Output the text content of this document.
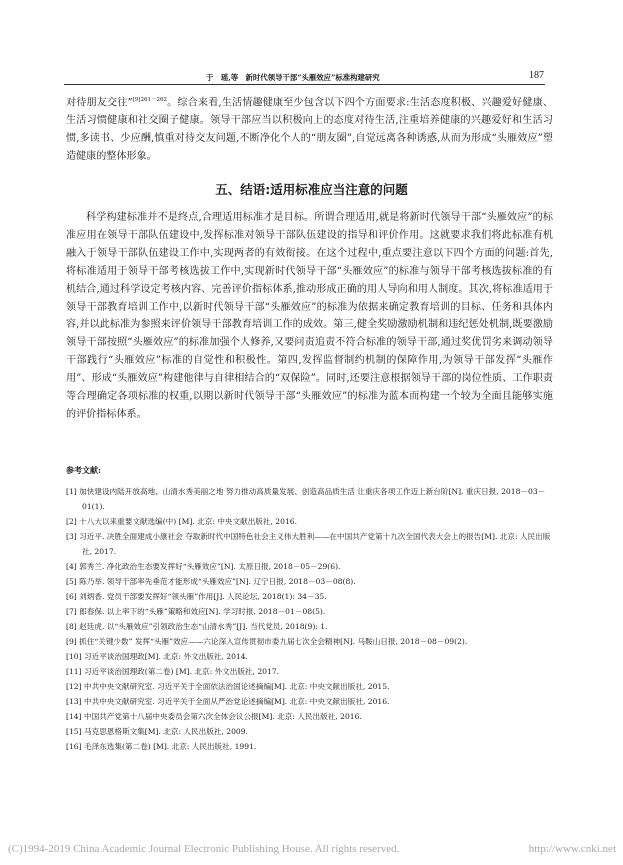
于　瑶,等　新时代领导干部“头雁效应”标准构建研究	187

对待朋友交往”$^{[9]261-262}$。综合来看,生活情趣健康至少包含以下四个方面要求:生活态度积极、兴趣爱好健康、生活习惯健康和社交圈子健康。领导干部应当以积极向上的态度对待生活,注重培养健康的兴趣爱好和生活习惯,多读书、少应酬,慎重对待交友问题,不断净化个人的“朋友圈”,自觉远离各种诱惑,从而为形成“头雁效应”塑造健康的整体形象。

五、结语:适用标准应当注意的问题

科学构建标准并不是终点,合理适用标准才是目标。所谓合理适用,就是将新时代领导干部“头雁效应”的标准应用在领导干部队伍建设中,发挥标准对领导干部队伍建设的指导和评价作用。这就要求我们将此标准有机融入于领导干部队伍建设工作中,实现两者的有效衔接。在这个过程中,重点要注意以下四个方面的问题:首先,将标准适用于领导干部考核选拔工作中,实现新时代领导干部“头雁效应”的标准与领导干部考核选拔标准的有机结合,通过科学设定考核内容、完善评价指标体系,推动形成正确的用人导向和用人制度。其次,将标准适用于领导干部教育培训工作中,以新时代领导干部“头雁效应”的标准为依据来确定教育培训的目标、任务和具体内容,并以此标准为参照来评价领导干部教育培训工作的成效。第三,健全奖励激励机制和违纪惩处机制,既要激励领导干部按照“头雁效应”的标准加强个人修养,又要问责追责不符合标准的领导干部,通过奖优罚劣来调动领导干部践行“头雁效应”标准的自觉性和积极性。第四,发挥监督制约机制的保障作用,为领导干部发挥“头雁作用”、形成“头雁效应”构建他律与自律相结合的“双保险”。同时,还要注意根据领导干部的岗位性质、工作职责等合理确定各项标准的权重,以期以新时代领导干部“头雁效应”的标准为蓝本而构建一个较为全面且能够实施的评价指标体系。

参考文献:
[1] 加快建设内陆开放高地、山清水秀美丽之地 努力推动高质量发展、创造高品质生活 让重庆各项工作迈上新台阶[N]. 重庆日报, 2018－03－01(1).
[2] 十八大以来重要文献选编(中) [M]. 北京: 中央文献出版社, 2016.
[3] 习近平. 决胜全面建成小康社会 夺取新时代中国特色社会主义伟大胜利——在中国共产党第十九次全国代表大会上的报告[M]. 北京: 人民出版社, 2017.
[4] 郭秀兰. 净化政治生态要发挥好“头雁效应”[N]. 太原日报, 2018－05－29(6).
[5] 陈乃举. 领导干部率先垂范才能形成“头雁效应”[N]. 辽宁日报, 2018－03－08(8).
[6] 刘炳香. 党员干部要发挥好“领头雁”作用[J]. 人民论坛, 2018(1): 34－35.
[7] 郎春保. 以上率下的“头雁”策略和效应[N]. 学习时报, 2018－01－08(5).
[8] 赵廷虎. 以“头雁效应”引领政治生态“山清水秀”[J]. 当代党员, 2018(9): 1.
[9] 抓住“关键少数” 发挥“头雁”效应——六论深入宣传贯彻市委九届七次全会精神[N]. 马鞍山日报, 2018－08－09(2).
[10] 习近平谈治国理政[M]. 北京: 外文出版社, 2014.
[11] 习近平谈治国理政(第二卷) [M]. 北京: 外文出版社, 2017.
[12] 中共中央文献研究室. 习近平关于全面依法治国论述摘编[M]. 北京: 中央文献出版社, 2015.
[13] 中共中央文献研究室. 习近平关于全面从严治党论述摘编[M]. 北京: 中央文献出版社, 2016.
[14] 中国共产党第十八届中央委员会第六次全体会议公报[M]. 北京: 人民出版社, 2016.
[15] 马克思恩格斯文集[M]. 北京: 人民出版社, 2009.
[16] 毛泽东选集(第二卷) [M]. 北京: 人民出版社, 1991.
(C)1994-2019 China Academic Journal Electronic Publishing House. All rights reserved.	http://www.cnki.net
